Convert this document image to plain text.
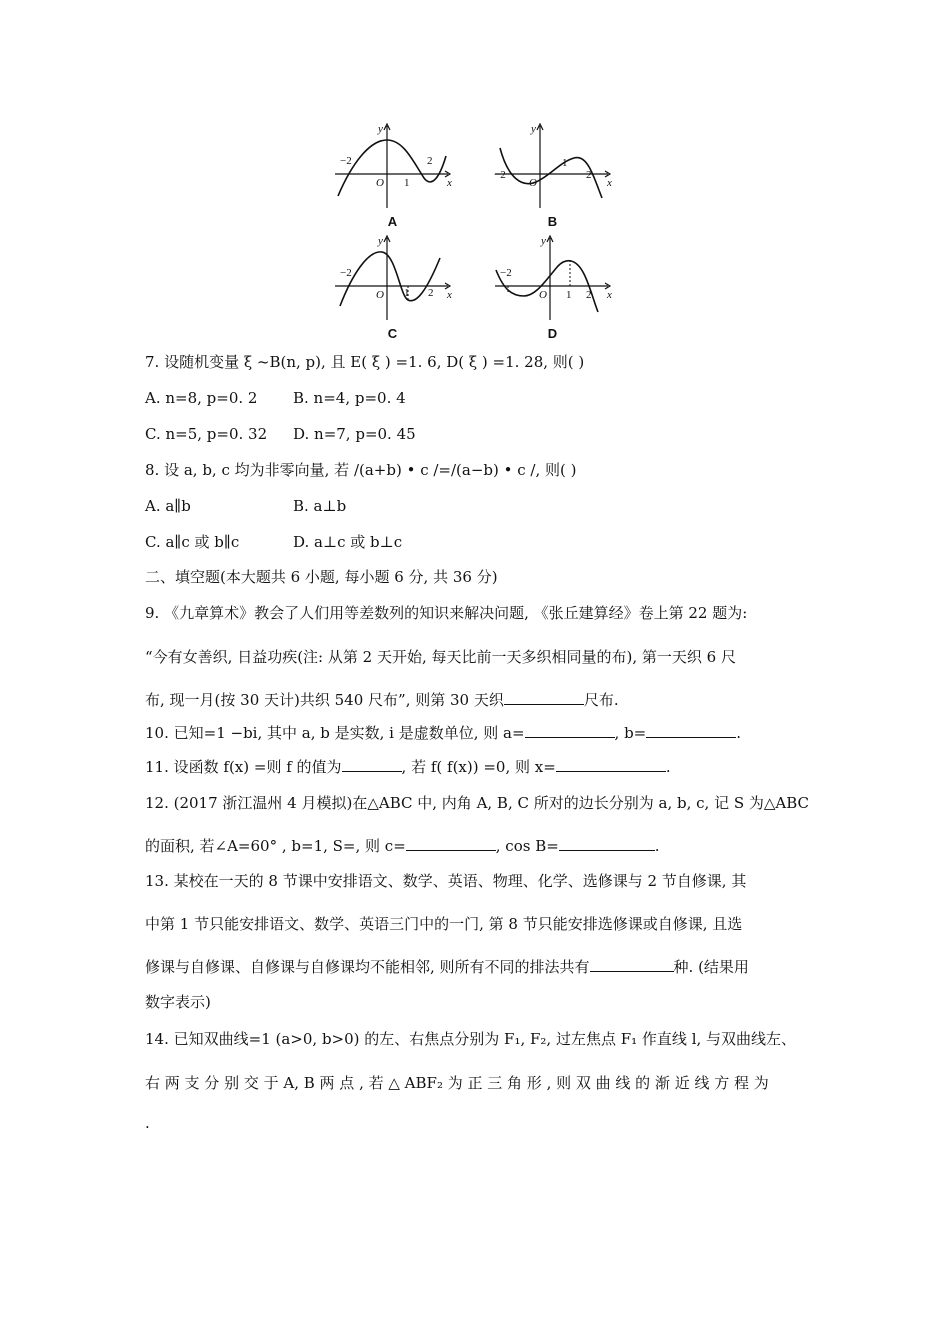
y
O	x
−2
1
2
A
y
O	x
−2
1
2
B
y
O	x
−2
1 2
C
y
O	x
−2
1 2
D
7. 设随机变量 ξ ~B(n, p), 且 E( ξ ) =1. 6, D( ξ ) =1. 28, 则( )
A. n=8, p=0. 2 B. n=4, p=0. 4
C. n=5, p=0. 32 D. n=7, p=0. 45
8. 设 a, b, c 均为非零向量, 若 /(a+b) • c /=/(a−b) • c /, 则( )
A. a∥b	B. a⊥b
C. a∥c 或 b∥c	D. a⊥c 或 b⊥c
二、填空题(本大题共 6 小题, 每小题 6 分, 共 36 分)
9. 《九章算术》教会了人们用等差数列的知识来解决问题, 《张丘建算经》卷上第 22 题为:
“今有女善织, 日益功疾(注: 从第 2 天开始, 每天比前一天多织相同量的布), 第一天织 6 尺
布, 现一月(按 30 天计)共织 540 尺布”, 则第 30 天织	尺布.
10. 已知=1 −bi, 其中 a, b 是实数, i 是虚数单位, 则 a=	, b=	.
11. 设函数 f(x) =则 f 的值为	, 若 f( f(x)) =0, 则 x=	.
12. (2017 浙江温州 4 月模拟)在△ABC 中, 内角 A, B, C 所对的边长分别为 a, b, c, 记 S 为△ABC
的面积, 若∠A=60° , b=1, S=, 则 c=	, cos B=	.
13. 某校在一天的 8 节课中安排语文、数学、英语、物理、化学、选修课与 2 节自修课, 其
中第 1 节只能安排语文、数学、英语三门中的一门, 第 8 节只能安排选修课或自修课, 且选
修课与自修课、自修课与自修课均不能相邻, 则所有不同的排法共有	种. (结果用
数字表示)
14. 已知双曲线=1 (a>0, b>0) 的左、右焦点分别为 F₁, F₂, 过左焦点 F₁ 作直线 l, 与双曲线左、
右 两 支 分 别 交 于 A, B 两 点 , 若 △ ABF₂ 为 正 三 角 形 , 则 双 曲 线 的 渐 近 线 方 程 为
.
